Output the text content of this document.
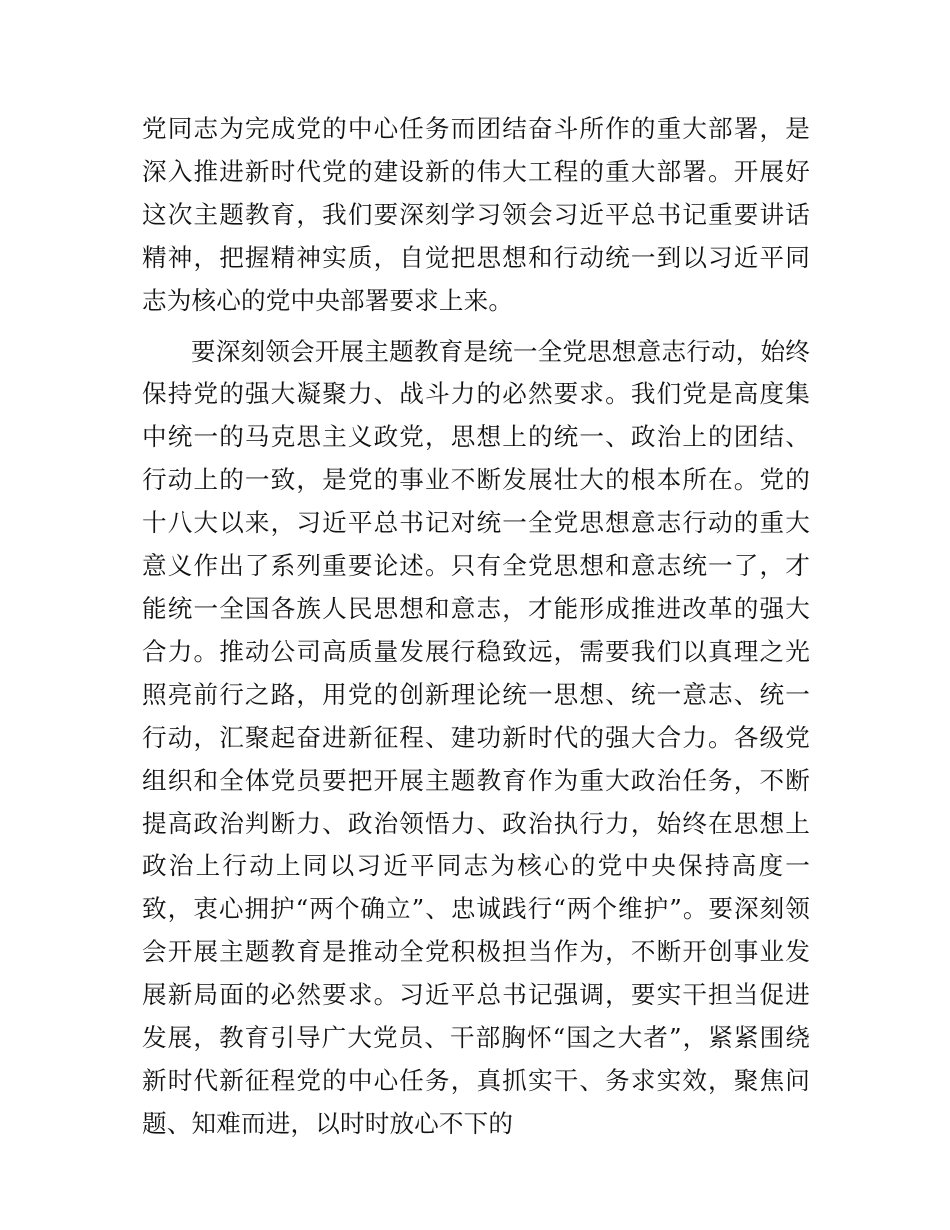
党同志为完成党的中心任务而团结奋斗所作的重大部署，是深入推进新时代党的建设新的伟大工程的重大部署。开展好这次主题教育，我们要深刻学习领会习近平总书记重要讲话精神，把握精神实质，自觉把思想和行动统一到以习近平同志为核心的党中央部署要求上来。

要深刻领会开展主题教育是统一全党思想意志行动，始终保持党的强大凝聚力、战斗力的必然要求。我们党是高度集中统一的马克思主义政党，思想上的统一、政治上的团结、行动上的一致，是党的事业不断发展壮大的根本所在。党的十八大以来，习近平总书记对统一全党思想意志行动的重大意义作出了系列重要论述。只有全党思想和意志统一了，才能统一全国各族人民思想和意志，才能形成推进改革的强大合力。推动公司高质量发展行稳致远，需要我们以真理之光照亮前行之路，用党的创新理论统一思想、统一意志、统一行动，汇聚起奋进新征程、建功新时代的强大合力。各级党组织和全体党员要把开展主题教育作为重大政治任务，不断提高政治判断力、政治领悟力、政治执行力，始终在思想上政治上行动上同以习近平同志为核心的党中央保持高度一致，衷心拥护“两个确立”、忠诚践行“两个维护”。要深刻领会开展主题教育是推动全党积极担当作为，不断开创事业发展新局面的必然要求。习近平总书记强调，要实干担当促进发展，教育引导广大党员、干部胸怀“国之大者”，紧紧围绕新时代新征程党的中心任务，真抓实干、务求实效，聚焦问题、知难而进，以时时放心不下的
